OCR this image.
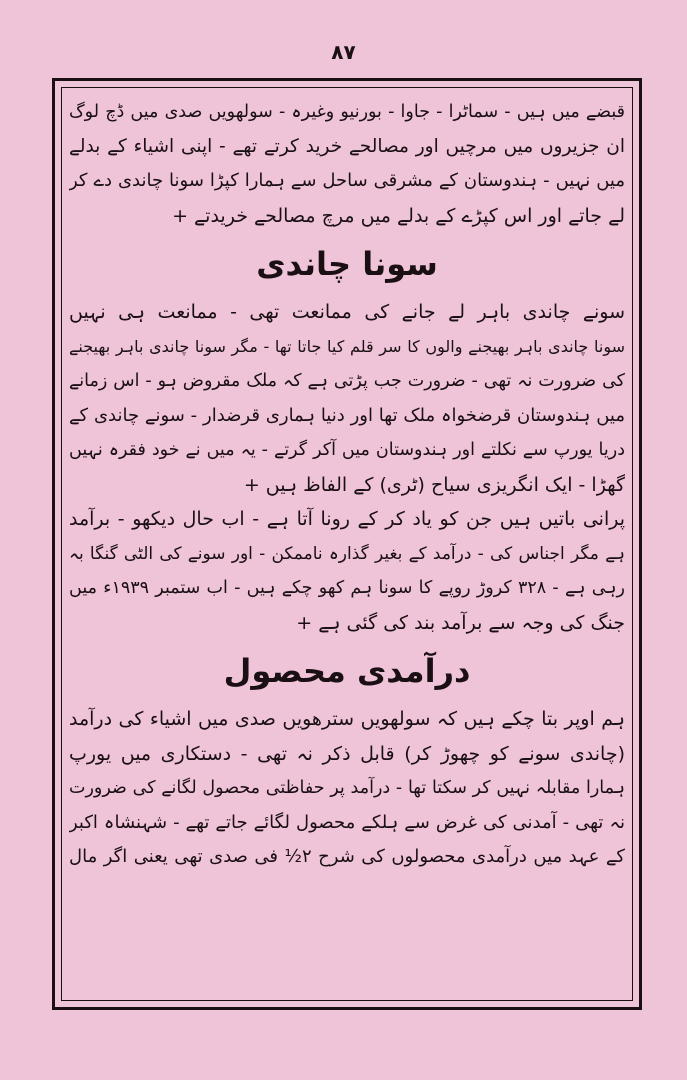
۸۷
قبضے میں ہیں - سماٹرا - جاوا - بورنیو وغیرہ - سولھویں صدی میں ڈچ لوگ
ان جزیروں میں مرچیں اور مصالحے خرید کرتے تھے - اپنی اشیاء کے بدلے
میں نہیں - ہندوستان کے مشرقی ساحل سے ہمارا کپڑا سونا چاندی دے کر
لے جاتے اور اس کپڑے کے بدلے میں مرچ مصالحے خریدتے +
سونا چاندی
سونے چاندی باہر لے جانے کی ممانعت تھی - ممانعت ہی نہیں
سونا چاندی باہر بھیجنے والوں کا سر قلم کیا جاتا تھا - مگر سونا چاندی باہر بھیجنے
کی ضرورت نہ تھی - ضرورت جب پڑتی ہے کہ ملک مقروض ہو - اس زمانے
میں ہندوستان قرضخواہ ملک تھا اور دنیا ہماری قرضدار - سونے چاندی کے
دریا یورپ سے نکلتے اور ہندوستان میں آکر گرتے - یہ میں نے خود فقرہ نہیں
گھڑا - ایک انگریزی سیاح (ٹری) کے الفاظ ہیں +
پرانی باتیں ہیں جن کو یاد کر کے رونا آتا ہے - اب حال دیکھو - برآمد
ہے مگر اجناس کی - درآمد کے بغیر گذارہ ناممکن - اور سونے کی الٹی گنگا بہ
رہی ہے - ۳۲۸ کروڑ روپے کا سونا ہم کھو چکے ہیں - اب ستمبر ۱۹۳۹ء میں
جنگ کی وجہ سے برآمد بند کی گئی ہے +
درآمدی محصول
ہم اوپر بتا چکے ہیں کہ سولھویں سترھویں صدی میں اشیاء کی درآمد
(چاندی سونے کو چھوڑ کر) قابل ذکر نہ تھی - دستکاری میں یورپ
ہمارا مقابلہ نہیں کر سکتا تھا - درآمد پر حفاظتی محصول لگانے کی ضرورت
نہ تھی - آمدنی کی غرض سے ہلکے محصول لگائے جاتے تھے - شہنشاہ اکبر
کے عہد میں درآمدی محصولوں کی شرح ۲½ فی صدی تھی یعنی اگر مال
